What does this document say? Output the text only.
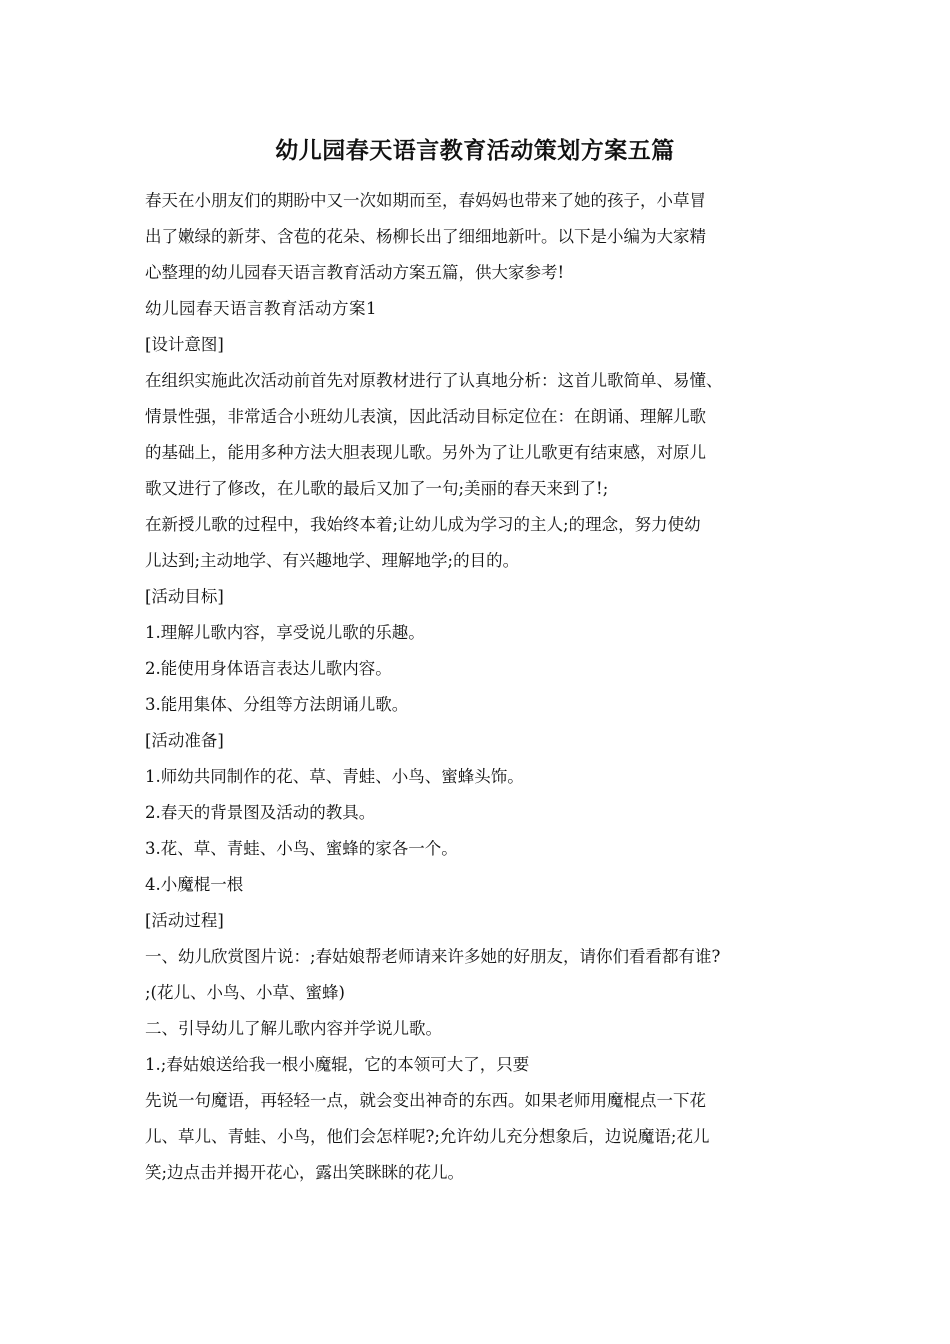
幼儿园春天语言教育活动策划方案五篇
春天在小朋友们的期盼中又一次如期而至，春妈妈也带来了她的孩子，小草冒
出了嫩绿的新芽、含苞的花朵、杨柳长出了细细地新叶。以下是小编为大家精
心整理的幼儿园春天语言教育活动方案五篇，供大家参考!
幼儿园春天语言教育活动方案1
[设计意图]
在组织实施此次活动前首先对原教材进行了认真地分析：这首儿歌简单、易懂、
情景性强，非常适合小班幼儿表演，因此活动目标定位在：在朗诵、理解儿歌
的基础上，能用多种方法大胆表现儿歌。另外为了让儿歌更有结束感，对原儿
歌又进行了修改，在儿歌的最后又加了一句;美丽的春天来到了!;
在新授儿歌的过程中，我始终本着;让幼儿成为学习的主人;的理念，努力使幼
儿达到;主动地学、有兴趣地学、理解地学;的目的。
[活动目标]
1.理解儿歌内容，享受说儿歌的乐趣。
2.能使用身体语言表达儿歌内容。
3.能用集体、分组等方法朗诵儿歌。
[活动准备]
1.师幼共同制作的花、草、青蛙、小鸟、蜜蜂头饰。
2.春天的背景图及活动的教具。
3.花、草、青蛙、小鸟、蜜蜂的家各一个。
4.小魔棍一根
[活动过程]
一、幼儿欣赏图片说：;春姑娘帮老师请来许多她的好朋友，请你们看看都有谁?
;(花儿、小鸟、小草、蜜蜂)
二、引导幼儿了解儿歌内容并学说儿歌。
1.;春姑娘送给我一根小魔辊，它的本领可大了，只要
先说一句魔语，再轻轻一点，就会变出神奇的东西。如果老师用魔棍点一下花
儿、草儿、青蛙、小鸟，他们会怎样呢?;允许幼儿充分想象后，边说魔语;花儿
笑;边点击并揭开花心，露出笑眯眯的花儿。
